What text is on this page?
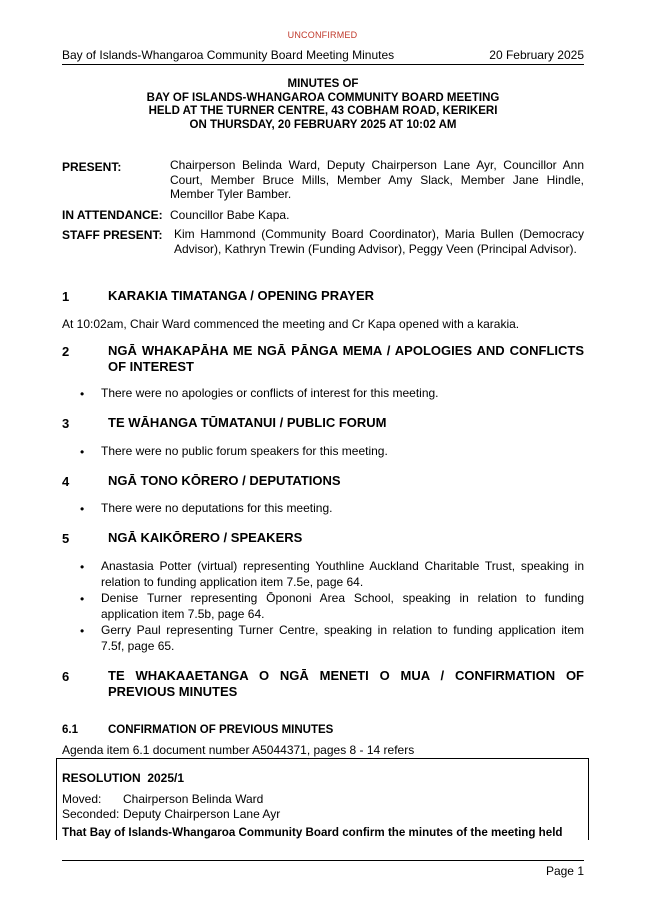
UNCONFIRMED
Bay of Islands-Whangaroa Community Board Meeting Minutes	20 February 2025
MINUTES OF
BAY OF ISLANDS-WHANGAROA COMMUNITY BOARD MEETING
HELD AT THE TURNER CENTRE, 43 COBHAM ROAD, KERIKERI
ON THURSDAY, 20 FEBRUARY 2025 AT 10:02 AM
PRESENT:	Chairperson Belinda Ward, Deputy Chairperson Lane Ayr, Councillor Ann Court, Member Bruce Mills, Member Amy Slack, Member Jane Hindle, Member Tyler Bamber.
IN ATTENDANCE: Councillor Babe Kapa.
STAFF PRESENT: Kim Hammond (Community Board Coordinator), Maria Bullen (Democracy Advisor), Kathryn Trewin (Funding Advisor), Peggy Veen (Principal Advisor).
1	KARAKIA TIMATANGA / OPENING PRAYER
At 10:02am, Chair Ward commenced the meeting and Cr Kapa opened with a karakia.
2	NGĀ WHAKAPĀHA ME NGĀ PĀNGA MEMA / APOLOGIES AND CONFLICTS OF INTEREST
• There were no apologies or conflicts of interest for this meeting.
3	TE WĀHANGA TŪMATANUI / PUBLIC FORUM
• There were no public forum speakers for this meeting.
4	NGĀ TONO KŌRERO / DEPUTATIONS
• There were no deputations for this meeting.
5	NGĀ KAIKŌRERO / SPEAKERS
• Anastasia Potter (virtual) representing Youthline Auckland Charitable Trust, speaking in relation to funding application item 7.5e, page 64.
• Denise Turner representing Ōpononi Area School, speaking in relation to funding application item 7.5b, page 64.
• Gerry Paul representing Turner Centre, speaking in relation to funding application item 7.5f, page 65.
6	TE WHAKAAETANGA O NGĀ MENETI O MUA / CONFIRMATION OF PREVIOUS MINUTES
6.1	CONFIRMATION OF PREVIOUS MINUTES
Agenda item 6.1 document number A5044371, pages 8 - 14 refers
RESOLUTION  2025/1
Moved: Chairperson Belinda Ward
Seconded: Deputy Chairperson Lane Ayr
That Bay of Islands-Whangaroa Community Board confirm the minutes of the meeting held
Page 1
